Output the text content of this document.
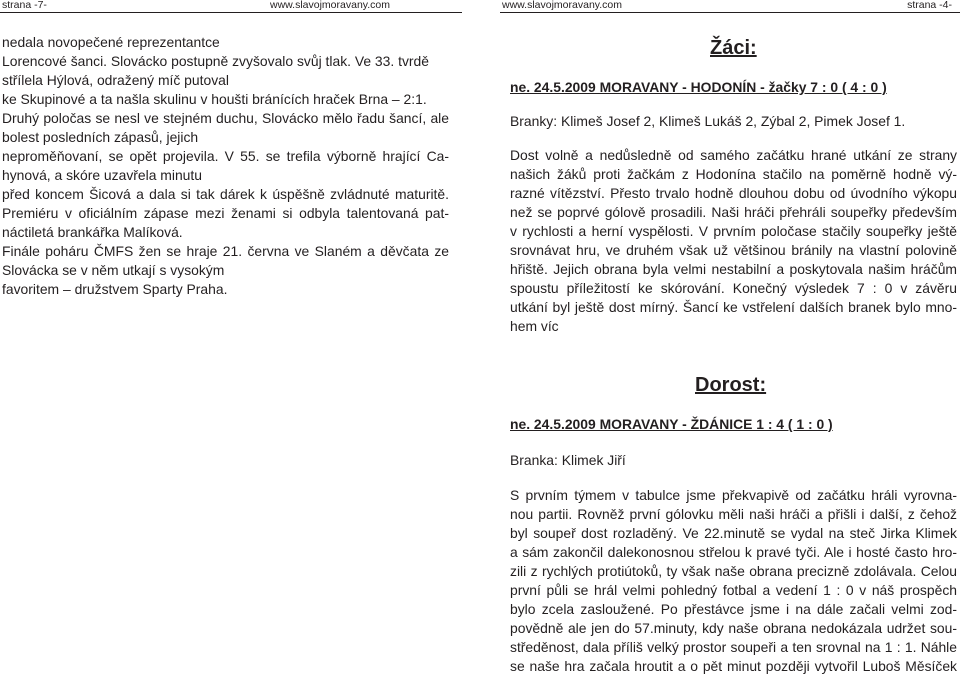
strana -7-	www.slavojmoravany.com

nedala novopečené reprezentantce

Lorencové šanci. Slovácko postupně zvyšovalo svůj tlak. Ve 33. tvrdě

střílela Hýlová, odražený míč putoval

ke Skupinové a ta našla skulinu v houšti bránících hraček Brna – 2:1.

Druhý poločas se nesl ve stejném duchu, Slovácko mělo řadu šancí, ale

bolest posledních zápasů, jejich

neproměňovaní, se opět projevila. V 55. se trefila výborně hrající Ca-

hynová, a skóre uzavřela minutu

před koncem Šicová a dala si tak dárek k úspěšně zvládnuté maturitě.

Premiéru v oficiálním zápase mezi ženami si odbyla talentovaná pat-

náctiletá brankářka Malíková.

Finále poháru ČMFS žen se hraje 21. června ve Slaném a děvčata ze

Slovácka se v něm utkají s vysokým

favoritem – družstvem Sparty Praha.

www.slavojmoravany.com	strana -4-
Žáci:
ne. 24.5.2009 MORAVANY - HODONÍN - žačky 7 : 0 ( 4 : 0 )
Branky: Klimeš Josef 2, Klimeš Lukáš 2, Zýbal 2, Pimek Josef 1.

Dost volně a nedůsledně od samého začátku hrané utkání ze strany

našich žáků proti žačkám z Hodonína stačilo na poměrně hodně vý-

razné vítězství. Přesto trvalo hodně dlouhou dobu od úvodního výkopu

než se poprvé gólově prosadili. Naši hráči přehráli soupeřky především

v rychlosti a herní vyspělosti. V prvním poločase stačily soupeřky ještě

srovnávat hru, ve druhém však už většinou bránily na vlastní polovině

hřiště. Jejich obrana byla velmi nestabilní a poskytovala našim hráčům

spoustu příležitostí ke skórování. Konečný výsledek 7 : 0 v závěru

utkání byl ještě dost mírný. Šancí ke vstřelení dalších branek bylo mno-

hem víc

Dorost:
ne. 24.5.2009 MORAVANY - ŽDÁNICE 1 : 4 ( 1 : 0 )
Branka: Klimek Jiří

S prvním týmem v tabulce jsme překvapivě od začátku hráli vyrovna-

nou partii. Rovněž první gólovku měli naši hráči a přišli i další, z čehož

byl soupeř dost rozladěný. Ve 22.minutě se vydal na steč Jirka Klimek

a sám zakončil dalekonosnou střelou k pravé tyči. Ale i hosté často hro-

zili z rychlých protiútoků, ty však naše obrana precizně zdolávala. Celou

první půli se hrál velmi pohledný fotbal a vedení 1 : 0 v náš prospěch

bylo zcela zasloužené. Po přestávce jsme i na dále začali velmi zod-

povědně ale jen do 57.minuty, kdy naše obrana nedokázala udržet sou-

středěnost, dala příliš velký prostor soupeři a ten srovnal na 1 : 1. Náhle

se naše hra začala hroutit a o pět minut později vytvořil Luboš Měsíček
